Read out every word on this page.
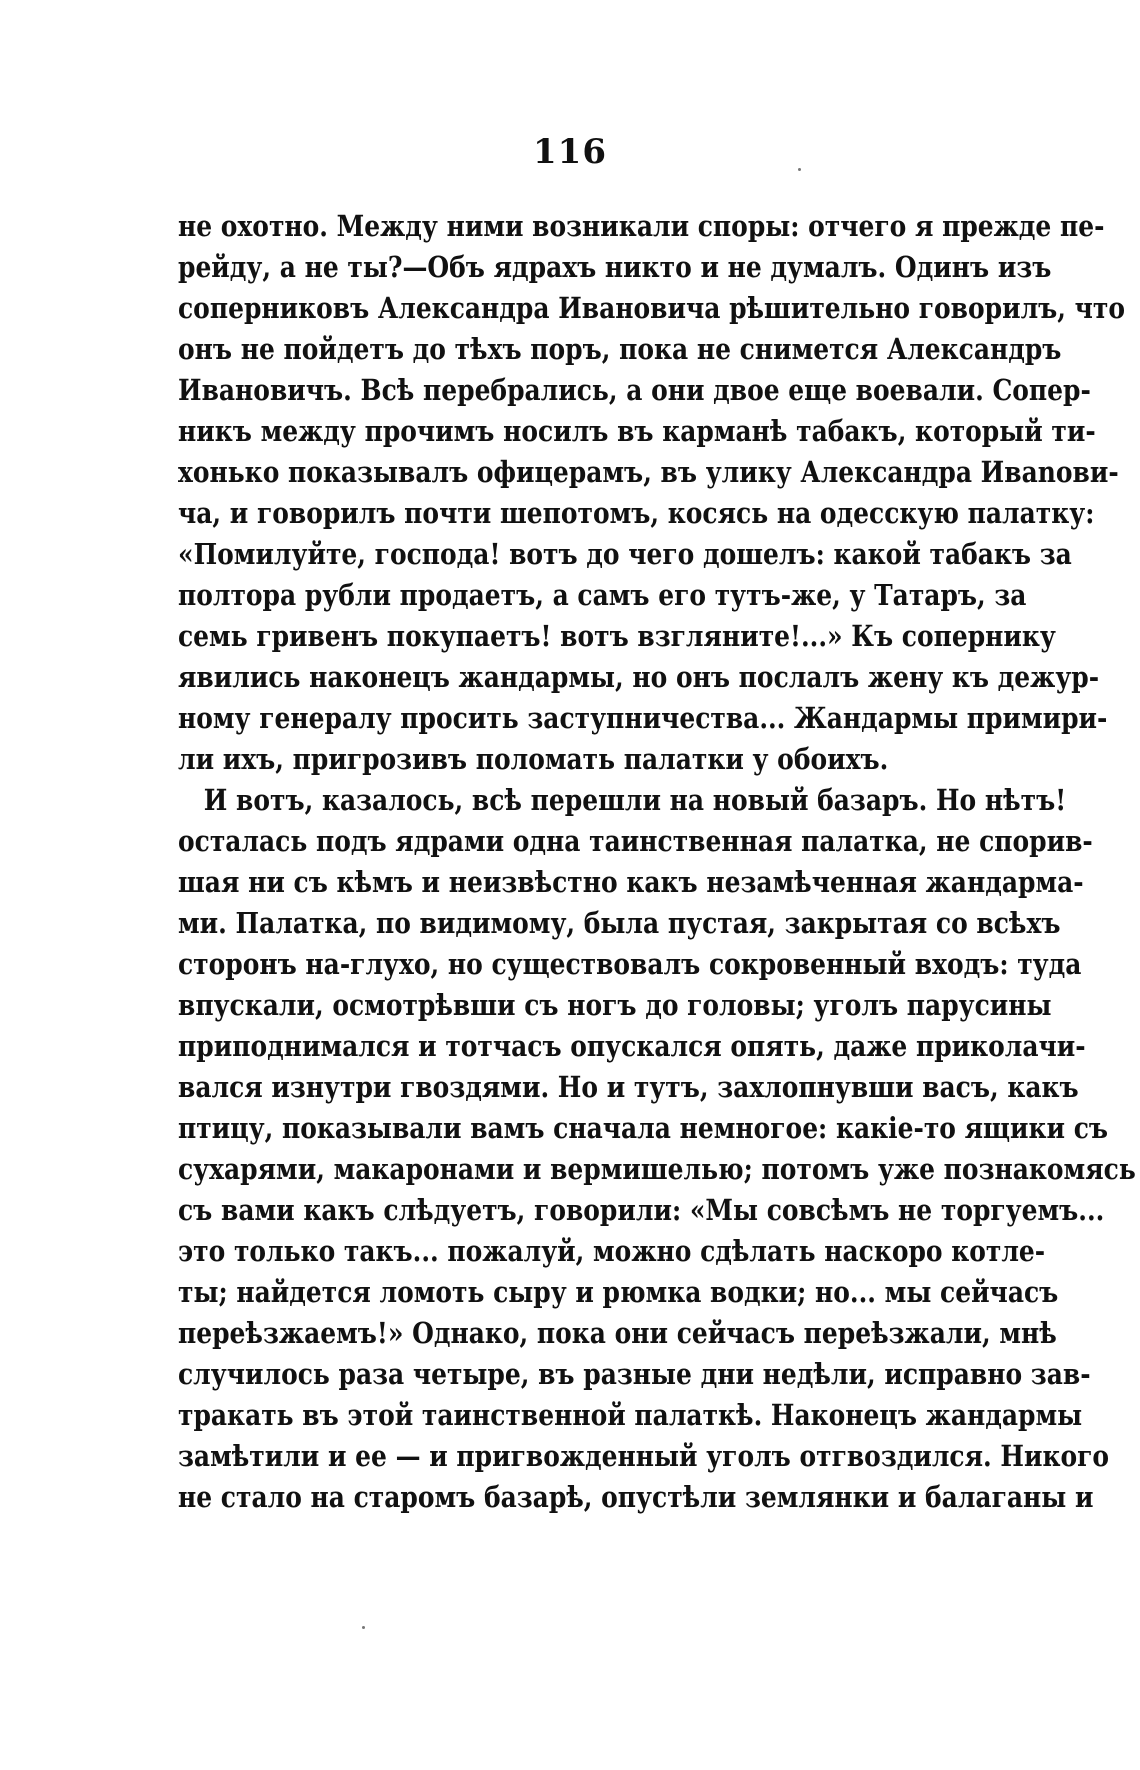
116
не охотно. Между ними возникали споры: отчего я прежде пе-
рейду, а не ты?—Объ ядрахъ никто и не думалъ. Одинъ изъ
соперниковъ Александра Ивановича рѣшительно говорилъ, что
онъ не пойдетъ до тѣхъ поръ, пока не снимется Александръ
Ивановичъ. Всѣ перебрались, а они двое еще воевали. Сопер-
никъ между прочимъ носилъ въ карманѣ табакъ, который ти-
хонько показывалъ офицерамъ, въ улику Александра Ивanови-
ча, и говорилъ почти шепотомъ, косясь на одесскую палатку:
«Помилуйте, господа! вотъ до чего дошелъ: какой табакъ за
полтора рубли продаетъ, а самъ его тутъ-же, у Татаръ, за
семь гривенъ покупаетъ! вотъ взгляните!...» Къ сопернику
явились наконецъ жандармы, но онъ послалъ жену къ дежур-
ному генералу просить заступничества... Жандармы примири-
ли ихъ, пригрозивъ поломать палатки у обоихъ.
И вотъ, казалось, всѣ перешли на новый базаръ. Но нѣтъ!
осталась подъ ядрами одна таинственная палатка, не споpив-
шая ни съ кѣмъ и неизвѣстно какъ незамѣченная жандарма-
ми. Палатка, по видимому, была пустая, закрытая со всѣхъ
сторонъ на-глухо, но существовалъ сокровенный входъ: туда
впускали, осмотрѣвши съ ногъ до головы; уголъ парусины
приподнимался и тотчасъ опускался опять, даже приколачи-
вался изнутри гвоздями. Но и тутъ, захлопнувши васъ, какъ
птицу, показывали вамъ сначала немногое: какіе-то ящики съ
сухарями, макаронами и вермишелью; потомъ уже познакомясь
съ вами какъ слѣдуетъ, говорили: «Мы совсѣмъ не торгуемъ...
это только такъ... пожалуй, можно сдѣлать наскоро котле-
ты; найдется ломоть сыру и рюмка водки; но... мы сейчасъ
переѣзжаемъ!» Однако, пока они сейчасъ переѣзжали, мнѣ
случилось раза четыре, въ разные дни недѣли, исправно зав-
тракать въ этой таинственной палаткѣ. Наконецъ жандармы
замѣтили и ее — и пригвожденный уголъ отгвоздился. Никого
не стало на старомъ базарѣ, опустѣли землянки и балаганы и
